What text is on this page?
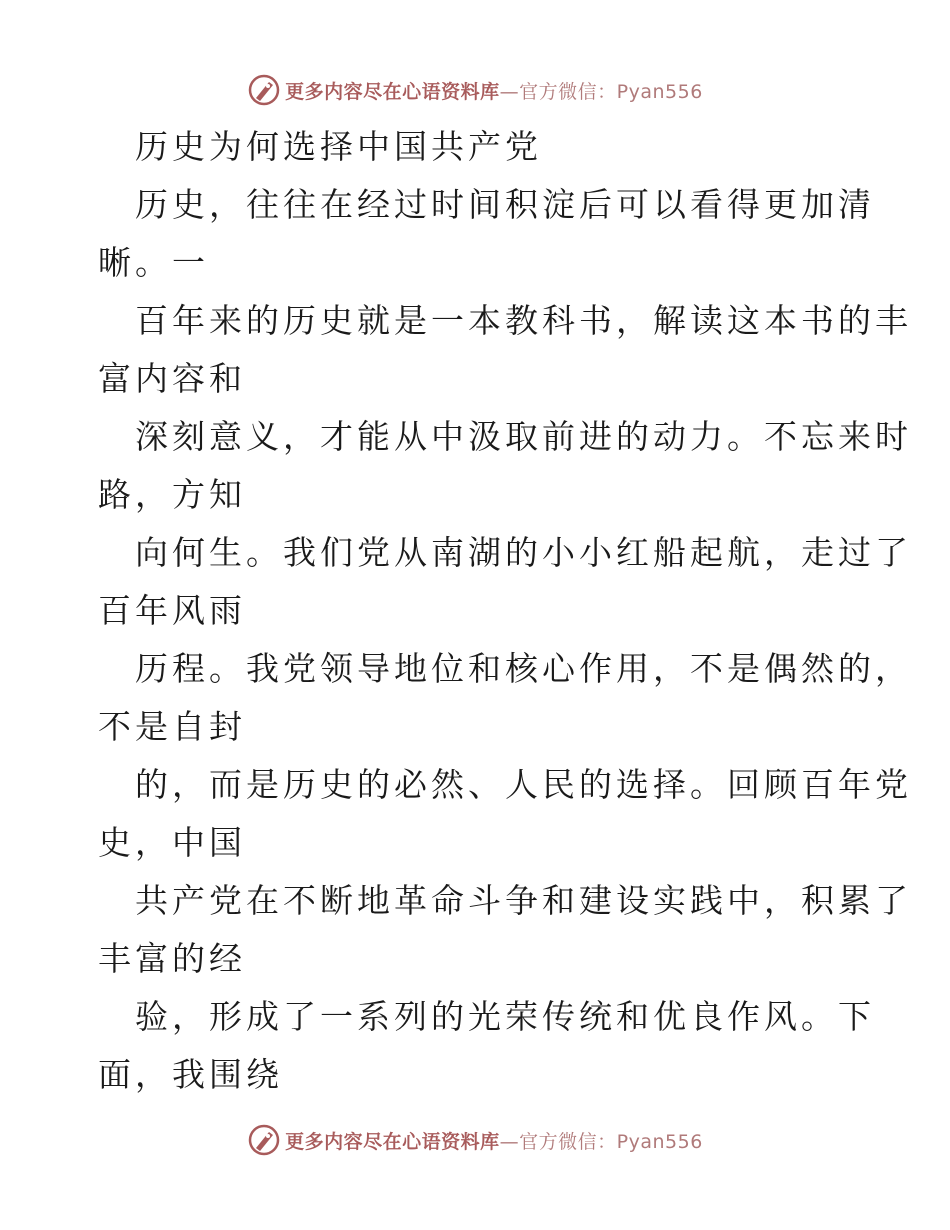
更多内容尽在心语资料库—官方微信：Pyan556
历史为何选择中国共产党
历史，往往在经过时间积淀后可以看得更加清
晰。一
百年来的历史就是一本教科书，解读这本书的丰
富内容和
深刻意义，才能从中汲取前进的动力。不忘来时
路，方知
向何生。我们党从南湖的小小红船起航，走过了
百年风雨
历程。我党领导地位和核心作用，不是偶然的，
不是自封
的，而是历史的必然、人民的选择。回顾百年党
史，中国
共产党在不断地革命斗争和建设实践中，积累了
丰富的经
验，形成了一系列的光荣传统和优良作风。下
面，我围绕
更多内容尽在心语资料库—官方微信：Pyan556
